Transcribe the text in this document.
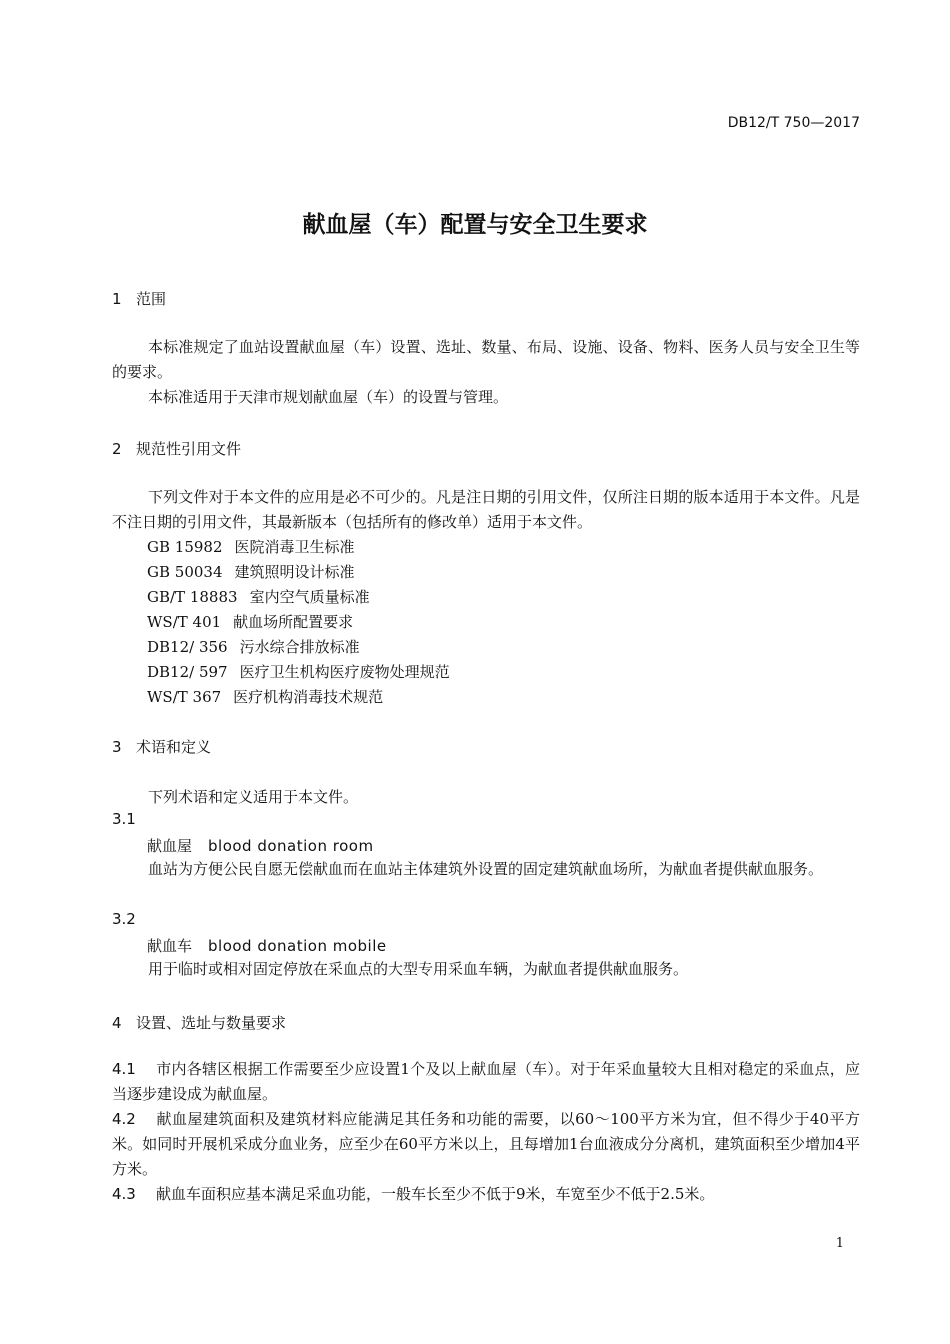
DB12/T 750—2017
献血屋（车）配置与安全卫生要求
1 范围

本标准规定了血站设置献血屋（车）设置、选址、数量、布局、设施、设备、物料、医务人员与安全卫生等的要求。

本标准适用于天津市规划献血屋（车）的设置与管理。

2 规范性引用文件

下列文件对于本文件的应用是必不可少的。凡是注日期的引用文件，仅所注日期的版本适用于本文件。凡是不注日期的引用文件，其最新版本（包括所有的修改单）适用于本文件。

GB 15982 医院消毒卫生标准
GB 50034 建筑照明设计标准
GB/T 18883 室内空气质量标准
WS/T 401 献血场所配置要求
DB12/ 356 污水综合排放标准
DB12/ 597 医疗卫生机构医疗废物处理规范
WS/T 367 医疗机构消毒技术规范
3 术语和定义

下列术语和定义适用于本文件。

3.1
献血屋 blood donation room

血站为方便公民自愿无偿献血而在血站主体建筑外设置的固定建筑献血场所，为献血者提供献血服务。

3.2
献血车 blood donation mobile

用于临时或相对固定停放在采血点的大型专用采血车辆，为献血者提供献血服务。

4 设置、选址与数量要求

4.1 市内各辖区根据工作需要至少应设置1个及以上献血屋（车）。对于年采血量较大且相对稳定的采血点，应当逐步建设成为献血屋。

4.2 献血屋建筑面积及建筑材料应能满足其任务和功能的需要，以60～100平方米为宜，但不得少于40平方米。如同时开展机采成分血业务，应至少在60平方米以上，且每增加1台血液成分分离机，建筑面积至少增加4平方米。

4.3 献血车面积应基本满足采血功能，一般车长至少不低于9米，车宽至少不低于2.5米。

1
